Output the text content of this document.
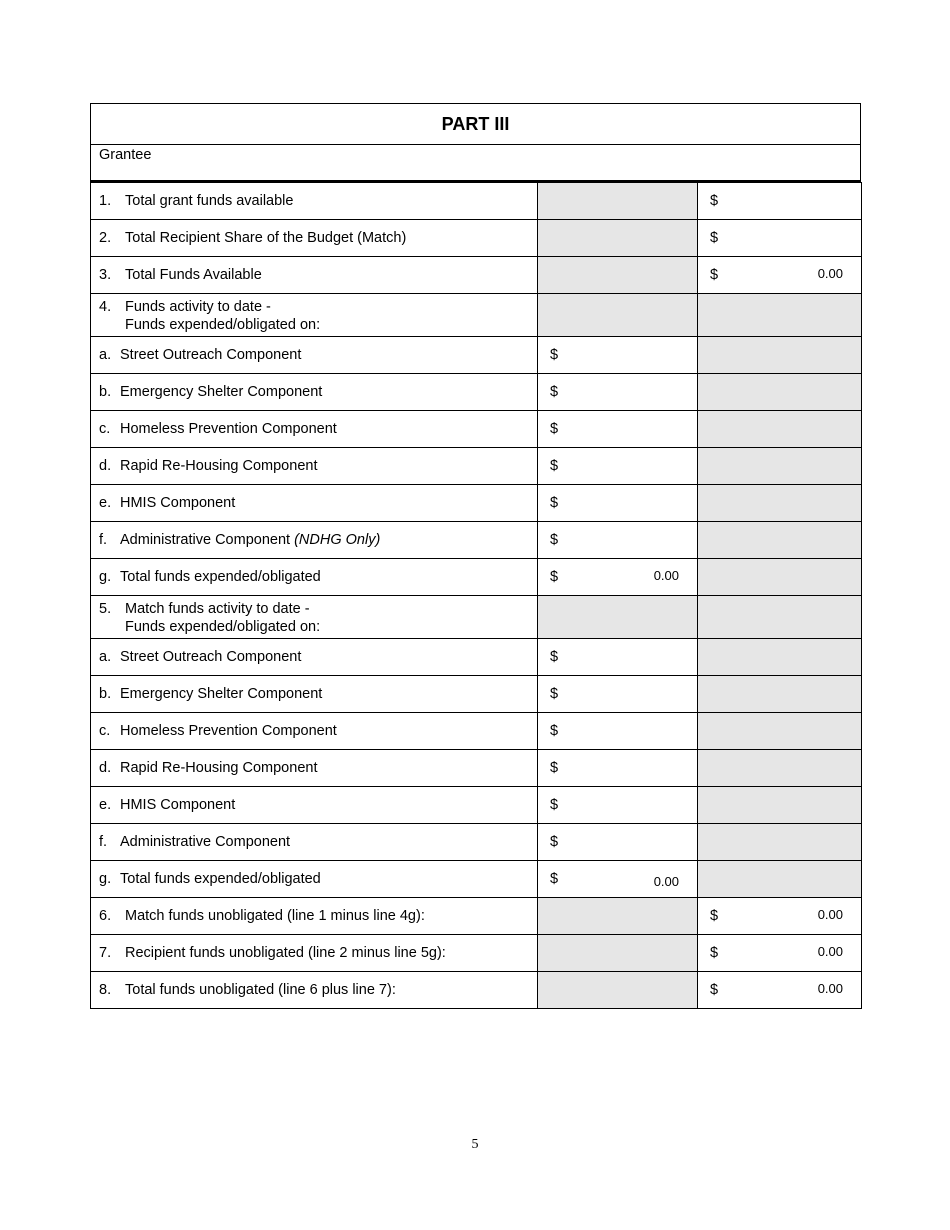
PART III
Grantee
1. Total grant funds available		$

2. Total Recipient Share of the Budget (Match)		$

3. Total Funds Available		$ 0.00

4. Funds activity to date -
Funds expended/obligated on:		

a. Street Outreach Component	$	

b. Emergency Shelter Component	$	

c. Homeless Prevention Component	$	

d. Rapid Re-Housing Component	$	

e. HMIS Component	$	

f. Administrative Component (NDHG Only)	$	

g. Total funds expended/obligated	$ 0.00	

5. Match funds activity to date -
Funds expended/obligated on:		

a. Street Outreach Component	$	

b. Emergency Shelter Component	$	

c. Homeless Prevention Component	$	

d. Rapid Re-Housing Component	$	

e. HMIS Component	$	

f. Administrative Component	$	

g. Total funds expended/obligated	$ 0.00	

6. Match funds unobligated (line 1 minus line 4g):		$ 0.00

7. Recipient funds unobligated (line 2 minus line 5g):		$ 0.00

8. Total funds unobligated (line 6 plus line 7):		$ 0.00
5
